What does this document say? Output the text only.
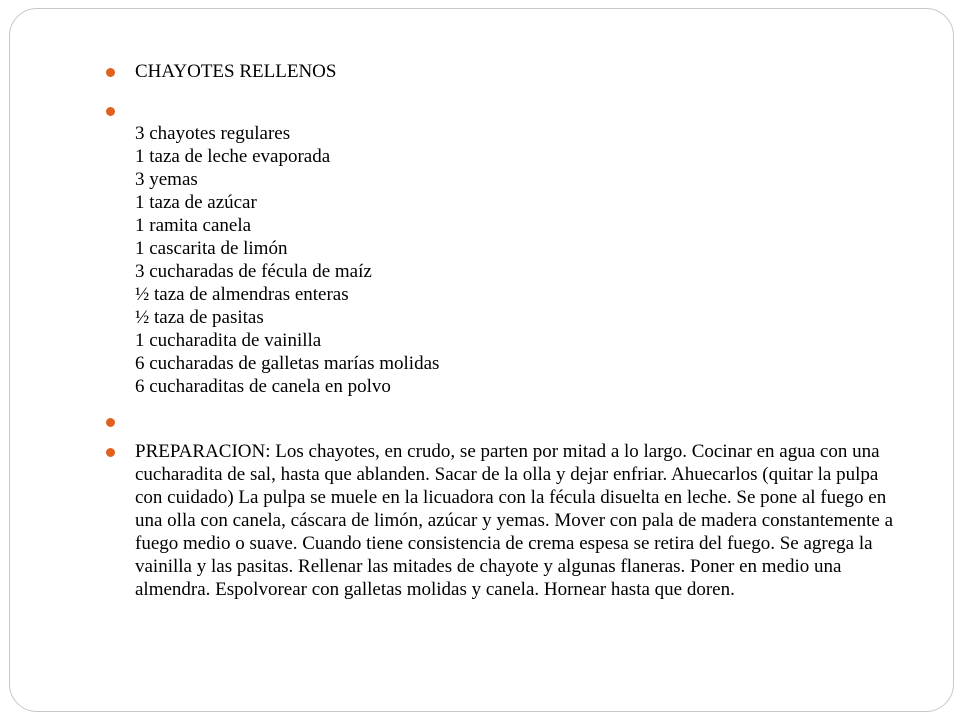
CHAYOTES RELLENOS
3 chayotes regulares
1 taza de leche evaporada
3 yemas
1 taza de azúcar
1 ramita canela
1 cascarita de limón
3 cucharadas de fécula de maíz
½ taza de almendras enteras
½ taza de pasitas
1 cucharadita de vainilla
6 cucharadas de galletas marías molidas
6 cucharaditas de canela en polvo
PREPARACION: Los chayotes, en crudo, se parten por mitad a lo largo. Cocinar en agua con una cucharadita de sal, hasta que ablanden. Sacar de la olla y dejar enfriar. Ahuecarlos (quitar la pulpa con cuidado) La pulpa se muele en la licuadora con la fécula disuelta en leche. Se pone al fuego en una olla con canela, cáscara de limón, azúcar y yemas. Mover con pala de madera constantemente a fuego medio o suave. Cuando tiene consistencia de crema espesa se retira del fuego. Se agrega la vainilla y las pasitas. Rellenar las mitades de chayote y algunas flaneras. Poner en medio una almendra. Espolvorear con galletas molidas y canela. Hornear hasta que doren.
